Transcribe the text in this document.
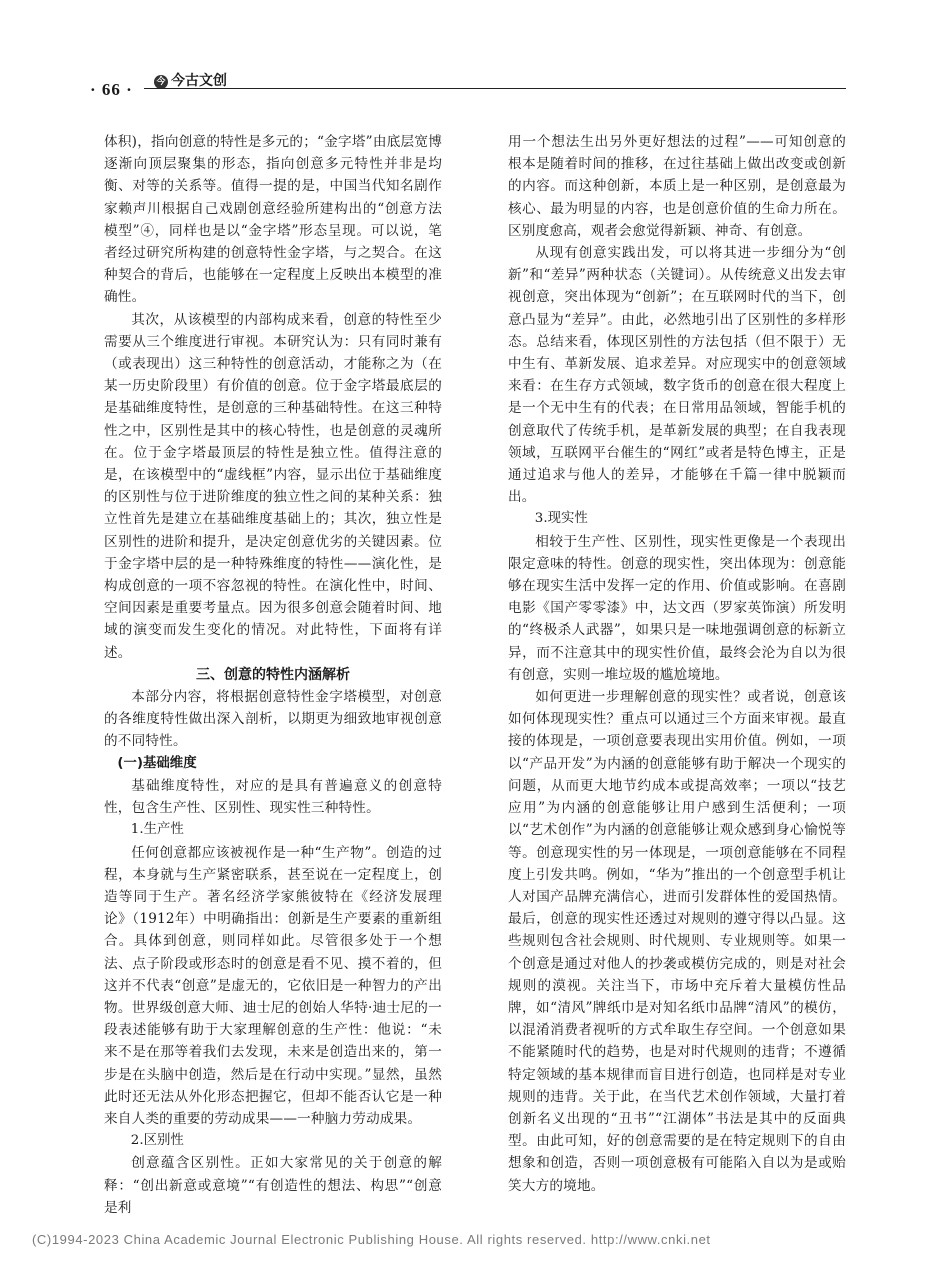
· 66 ·	今 今古文创

体积)，指向创意的特性是多元的；“金字塔”由底层宽博逐渐向顶层聚集的形态，指向创意多元特性并非是均衡、对等的关系等。值得一提的是，中国当代知名剧作家赖声川根据自己戏剧创意经验所建构出的“创意方法模型”④，同样也是以“金字塔”形态呈现。可以说，笔者经过研究所构建的创意特性金字塔，与之契合。在这种契合的背后，也能够在一定程度上反映出本模型的准确性。

其次，从该模型的内部构成来看，创意的特性至少需要从三个维度进行审视。本研究认为：只有同时兼有（或表现出）这三种特性的创意活动，才能称之为（在某一历史阶段里）有价值的创意。位于金字塔最底层的是基础维度特性，是创意的三种基础特性。在这三种特性之中，区别性是其中的核心特性，也是创意的灵魂所在。位于金字塔最顶层的特性是独立性。值得注意的是，在该模型中的“虚线框”内容，显示出位于基础维度的区别性与位于进阶维度的独立性之间的某种关系：独立性首先是建立在基础维度基础上的；其次，独立性是区别性的进阶和提升，是决定创意优劣的关键因素。位于金字塔中层的是一种特殊维度的特性——演化性，是构成创意的一项不容忽视的特性。在演化性中，时间、空间因素是重要考量点。因为很多创意会随着时间、地域的演变而发生变化的情况。对此特性，下面将有详述。

三、创意的特性内涵解析

本部分内容，将根据创意特性金字塔模型，对创意的各维度特性做出深入剖析，以期更为细致地审视创意的不同特性。

(一)基础维度

基础维度特性，对应的是具有普遍意义的创意特性，包含生产性、区别性、现实性三种特性。

1.生产性

任何创意都应该被视作是一种“生产物”。创造的过程，本身就与生产紧密联系，甚至说在一定程度上，创造等同于生产。著名经济学家熊彼特在《经济发展理论》（1912年）中明确指出：创新是生产要素的重新组合。具体到创意，则同样如此。尽管很多处于一个想法、点子阶段或形态时的创意是看不见、摸不着的，但这并不代表“创意”是虚无的，它依旧是一种智力的产出物。世界级创意大师、迪士尼的创始人华特·迪士尼的一段表述能够有助于大家理解创意的生产性：他说：“未来不是在那等着我们去发现，未来是创造出来的，第一步是在头脑中创造，然后是在行动中实现。”显然，虽然此时还无法从外化形态把握它，但却不能否认它是一种来自人类的重要的劳动成果——一种脑力劳动成果。

2.区别性

创意蕴含区别性。正如大家常见的关于创意的解释：“创出新意或意境”“有创造性的想法、构思”“创意是利

用一个想法生出另外更好想法的过程”——可知创意的根本是随着时间的推移，在过往基础上做出改变或创新的内容。而这种创新，本质上是一种区别，是创意最为核心、最为明显的内容，也是创意价值的生命力所在。区别度愈高，观者会愈觉得新颖、神奇、有创意。

从现有创意实践出发，可以将其进一步细分为“创新”和“差异”两种状态（关键词）。从传统意义出发去审视创意，突出体现为“创新”；在互联网时代的当下，创意凸显为“差异”。由此，必然地引出了区别性的多样形态。总结来看，体现区别性的方法包括（但不限于）无中生有、革新发展、追求差异。对应现实中的创意领域来看：在生存方式领域，数字货币的创意在很大程度上是一个无中生有的代表；在日常用品领域，智能手机的创意取代了传统手机，是革新发展的典型；在自我表现领域，互联网平台催生的“网红”或者是特色博主，正是通过追求与他人的差异，才能够在千篇一律中脱颖而出。

3.现实性

相较于生产性、区别性，现实性更像是一个表现出限定意味的特性。创意的现实性，突出体现为：创意能够在现实生活中发挥一定的作用、价值或影响。在喜剧电影《国产零零漆》中，达文西（罗家英饰演）所发明的“终极杀人武器”，如果只是一味地强调创意的标新立异，而不注意其中的现实性价值，最终会沦为自以为很有创意，实则一堆垃圾的尴尬境地。

如何更进一步理解创意的现实性？或者说，创意该如何体现现实性？重点可以通过三个方面来审视。最直接的体现是，一项创意要表现出实用价值。例如，一项以“产品开发”为内涵的创意能够有助于解决一个现实的问题，从而更大地节约成本或提高效率；一项以“技艺应用”为内涵的创意能够让用户感到生活便利；一项以“艺术创作”为内涵的创意能够让观众感到身心愉悦等等。创意现实性的另一体现是，一项创意能够在不同程度上引发共鸣。例如，“华为”推出的一个创意型手机让人对国产品牌充满信心，进而引发群体性的爱国热情。最后，创意的现实性还透过对规则的遵守得以凸显。这些规则包含社会规则、时代规则、专业规则等。如果一个创意是通过对他人的抄袭或模仿完成的，则是对社会规则的漠视。关注当下，市场中充斥着大量模仿性品牌，如“清风”牌纸巾是对知名纸巾品牌“清风”的模仿，以混淆消费者视听的方式牟取生存空间。一个创意如果不能紧随时代的趋势，也是对时代规则的违背；不遵循特定领域的基本规律而盲目进行创造，也同样是对专业规则的违背。关于此，在当代艺术创作领域，大量打着创新名义出现的“丑书”“江湖体”书法是其中的反面典型。由此可知，好的创意需要的是在特定规则下的自由想象和创造，否则一项创意极有可能陷入自以为是或贻笑大方的境地。

(C)1994-2023 China Academic Journal Electronic Publishing House. All rights reserved. http://www.cnki.net
